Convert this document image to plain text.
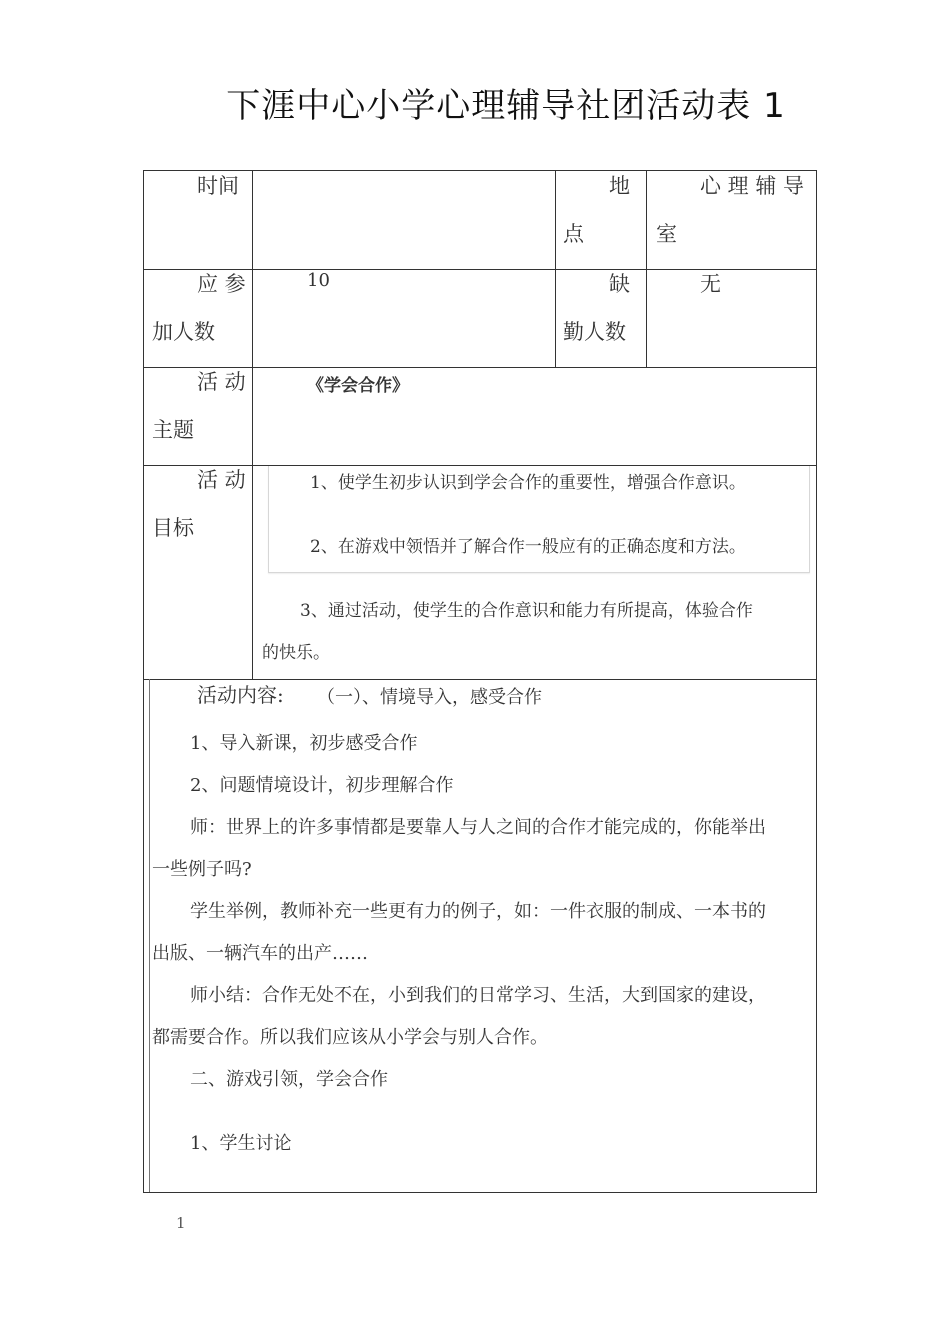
下涯中心小学心理辅导社团活动表 1
时间	地
点
心 理 辅 导
室
应 参
加人数
10	缺
勤人数
无
活 动
主题
《学会合作》
活 动
目标
1、使学生初步认识到学会合作的重要性，增强合作意识。
2、在游戏中领悟并了解合作一般应有的正确态度和方法。
3、通过活动，使学生的合作意识和能力有所提高，体验合作
的快乐。
活动内容: （一）、情境导入，感受合作
1、导入新课，初步感受合作
2、问题情境设计，初步理解合作
师：世界上的许多事情都是要靠人与人之间的合作才能完成的，你能举出
一些例子吗?
学生举例，教师补充一些更有力的例子，如：一件衣服的制成、一本书的
出版、一辆汽车的出产……
师小结：合作无处不在，小到我们的日常学习、生活，大到国家的建设，
都需要合作。所以我们应该从小学会与别人合作。
二、游戏引领，学会合作
1、学生讨论
1
